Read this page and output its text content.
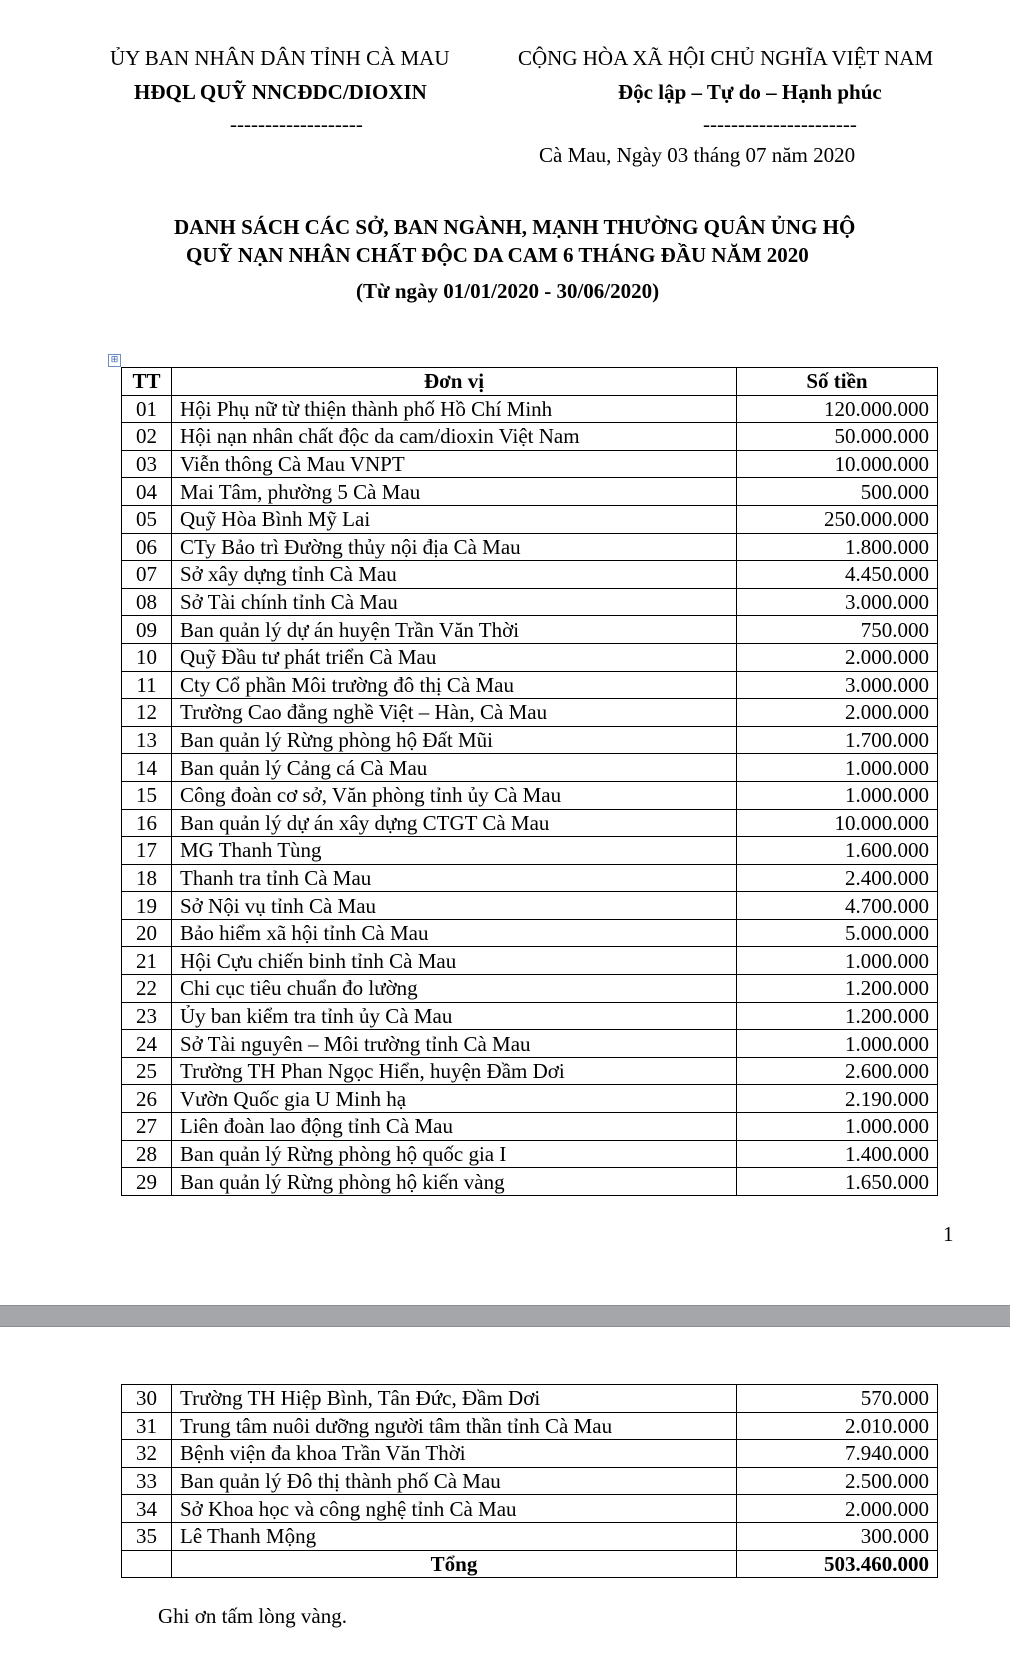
ỦY BAN NHÂN DÂN TỈNH CÀ MAU	CỘNG HÒA XÃ HỘI CHỦ NGHĨA VIỆT NAM
HĐQL QUỸ NNCĐDC/DIOXIN	Độc lập – Tự do – Hạnh phúc
-------------------	----------------------
Cà Mau, Ngày 03 tháng 07 năm 2020
DANH SÁCH CÁC SỞ, BAN NGÀNH, MẠNH THƯỜNG QUÂN ỦNG HỘ
QUỸ NẠN NHÂN CHẤT ĐỘC DA CAM 6 THÁNG ĐẦU NĂM 2020
(Từ ngày 01/01/2020 - 30/06/2020)
⊞
TT	Đơn vị	Số tiền
01	Hội Phụ nữ từ thiện thành phố Hồ Chí Minh	120.000.000
02	Hội nạn nhân chất độc da cam/dioxin Việt Nam	50.000.000
03	Viễn thông Cà Mau VNPT	10.000.000
04	Mai Tâm, phường 5 Cà Mau	500.000
05	Quỹ Hòa Bình Mỹ Lai	250.000.000
06	CTy Bảo trì Đường thủy nội địa Cà Mau	1.800.000
07	Sở xây dựng tỉnh Cà Mau	4.450.000
08	Sở Tài chính tỉnh Cà Mau	3.000.000
09	Ban quản lý dự án huyện Trần Văn Thời	750.000
10	Quỹ Đầu tư phát triển Cà Mau	2.000.000
11	Cty Cổ phần Môi trường đô thị Cà Mau	3.000.000
12	Trường Cao đẳng nghề Việt – Hàn, Cà Mau	2.000.000
13	Ban quản lý Rừng phòng hộ Đất Mũi	1.700.000
14	Ban quản lý Cảng cá Cà Mau	1.000.000
15	Công đoàn cơ sở, Văn phòng tỉnh ủy Cà Mau	1.000.000
16	Ban quản lý dự án xây dựng CTGT Cà Mau	10.000.000
17	MG Thanh Tùng	1.600.000
18	Thanh tra tỉnh Cà Mau	2.400.000
19	Sở Nội vụ tỉnh Cà Mau	4.700.000
20	Bảo hiểm xã hội tỉnh Cà Mau	5.000.000
21	Hội Cựu chiến binh tỉnh Cà Mau	1.000.000
22	Chi cục tiêu chuẩn đo lường	1.200.000
23	Ủy ban kiểm tra tỉnh ủy Cà Mau	1.200.000
24	Sở Tài nguyên – Môi trường tỉnh Cà Mau	1.000.000
25	Trường TH Phan Ngọc Hiển, huyện Đầm Dơi	2.600.000
26	Vườn Quốc gia U Minh hạ	2.190.000
27	Liên đoàn lao động tỉnh Cà Mau	1.000.000
28	Ban quản lý Rừng phòng hộ quốc gia I	1.400.000
29	Ban quản lý Rừng phòng hộ kiến vàng	1.650.000
1
30	Trường TH Hiệp Bình, Tân Đức, Đầm Dơi	570.000
31	Trung tâm nuôi dưỡng người tâm thần tỉnh Cà Mau	2.010.000
32	Bệnh viện đa khoa Trần Văn Thời	7.940.000
33	Ban quản lý Đô thị thành phố Cà Mau	2.500.000
34	Sở Khoa học và công nghệ tỉnh Cà Mau	2.000.000
35	Lê Thanh Mộng	300.000
	Tổng	503.460.000
Ghi ơn tấm lòng vàng.
